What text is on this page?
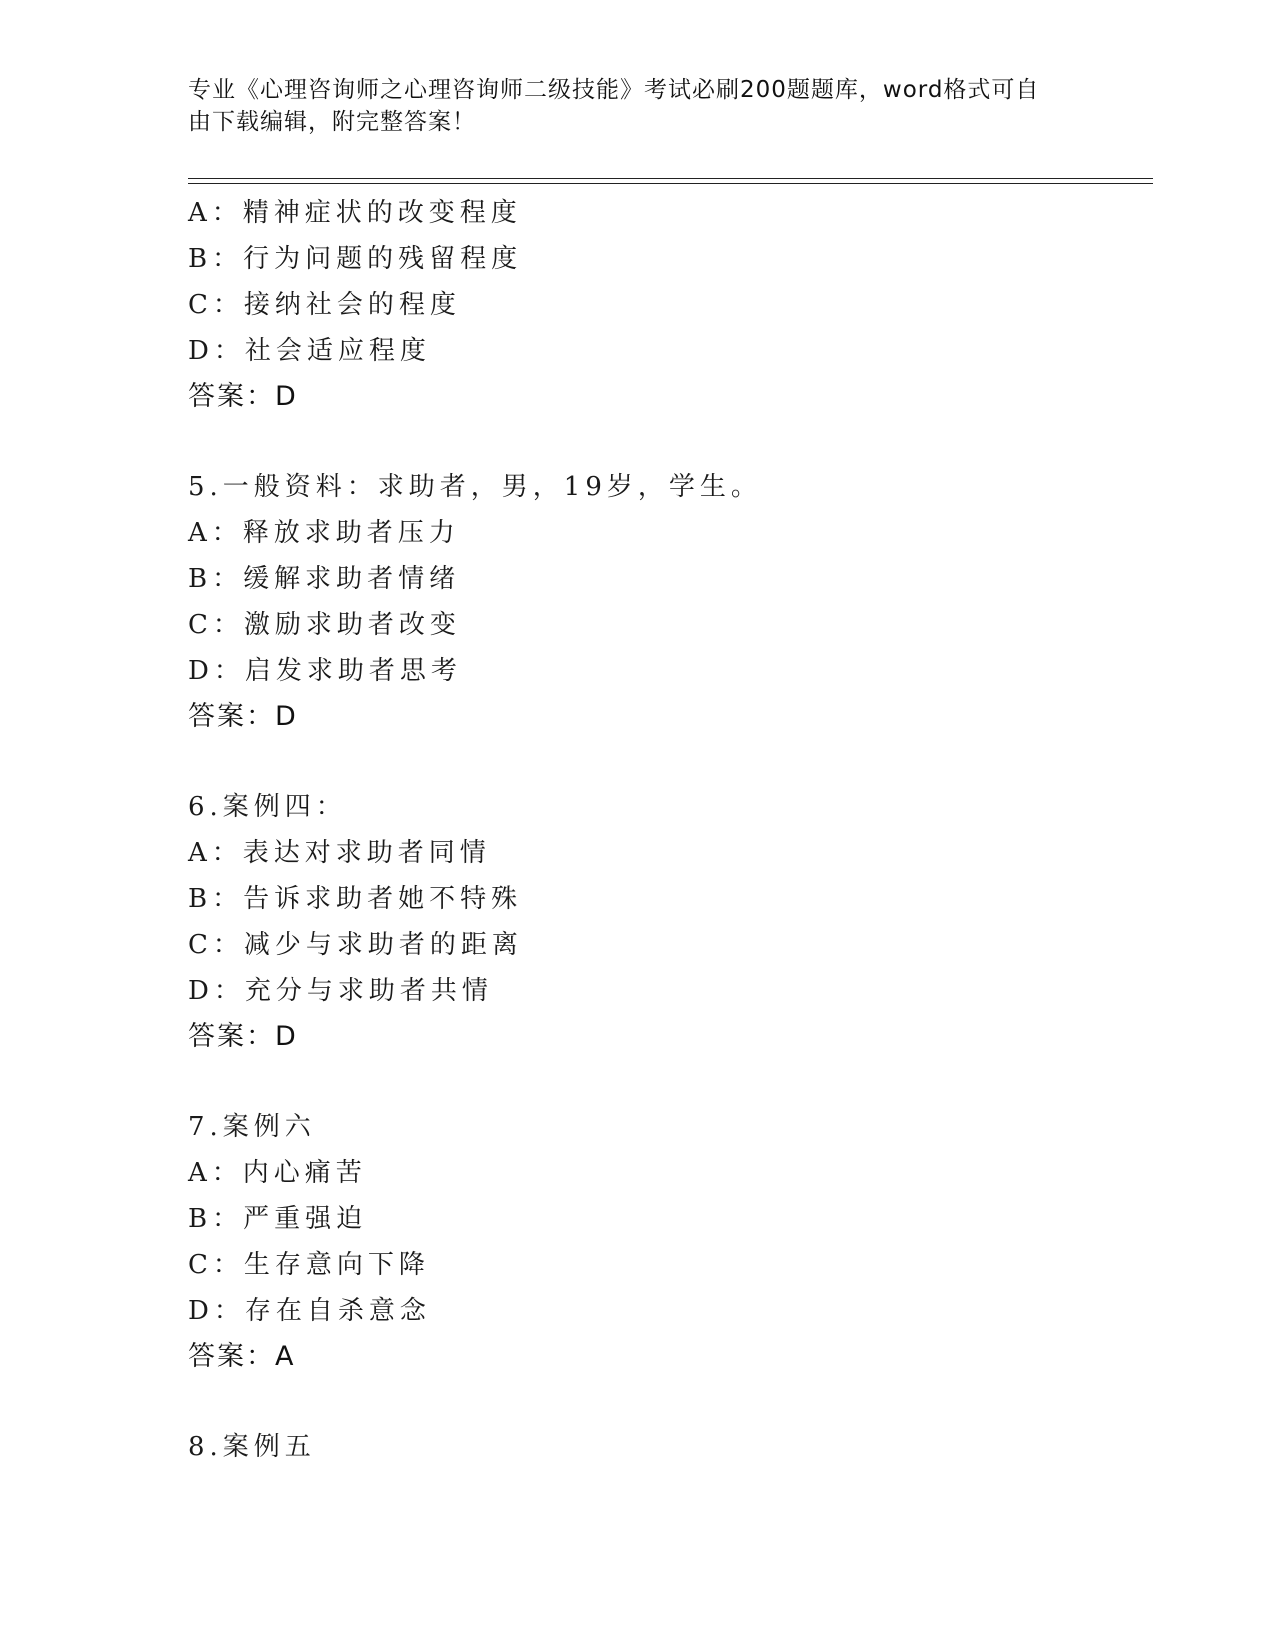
专业《心理咨询师之心理咨询师二级技能》考试必刷200题题库，word格式可自
由下载编辑，附完整答案！
A：精神症状的改变程度
B：行为问题的残留程度
C：接纳社会的程度
D：社会适应程度
答案：D
5.一般资料：求助者，男，19岁，学生。
A：释放求助者压力
B：缓解求助者情绪
C：激励求助者改变
D：启发求助者思考
答案：D
6.案例四：
A：表达对求助者同情
B：告诉求助者她不特殊
C：减少与求助者的距离
D：充分与求助者共情
答案：D
7.案例六
A：内心痛苦
B：严重强迫
C：生存意向下降
D：存在自杀意念
答案：A
8.案例五
